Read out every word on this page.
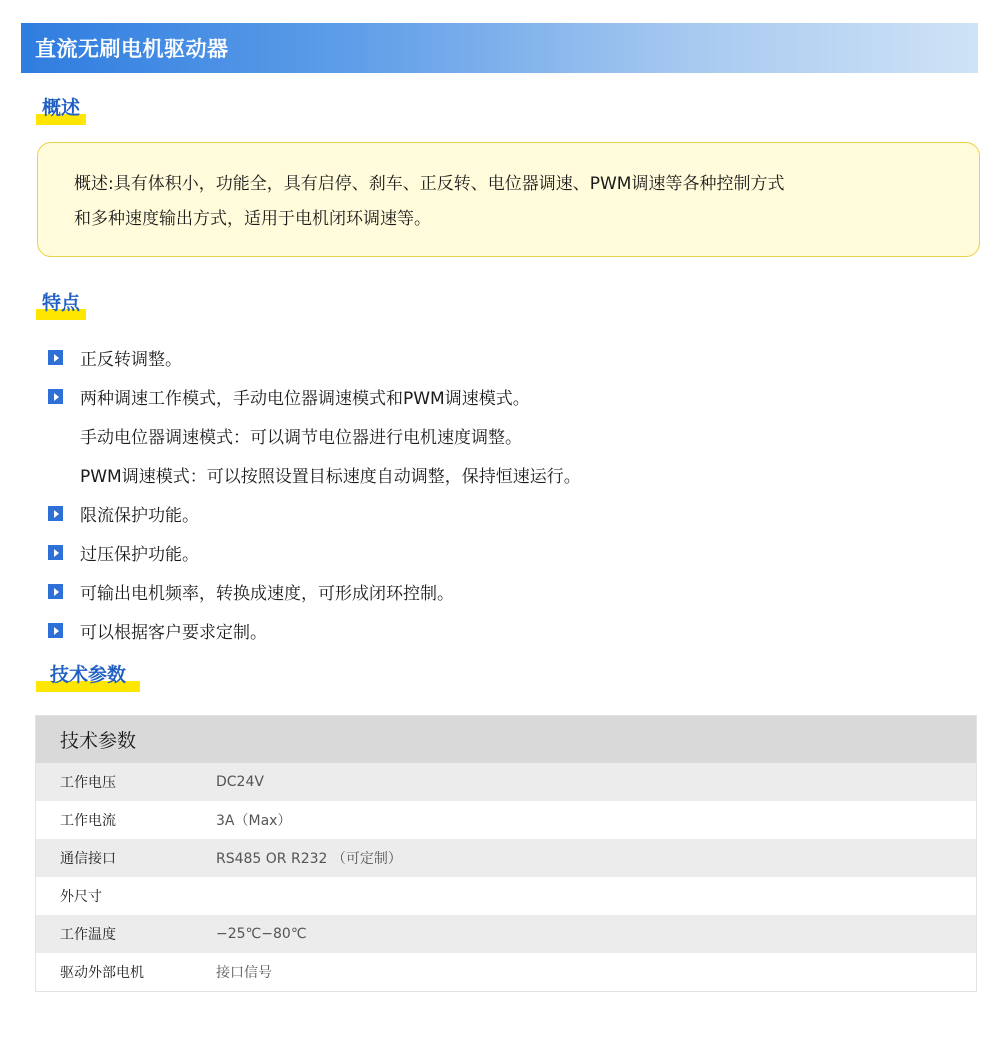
直流无刷电机驱动器
概述
概述:具有体积小，功能全，具有启停、刹车、正反转、电位器调速、PWM调速等各种控制方式
和多种速度输出方式，适用于电机闭环调速等。
特点
正反转调整。
两种调速工作模式，手动电位器调速模式和PWM调速模式。
手动电位器调速模式：可以调节电位器进行电机速度调整。
PWM调速模式：可以按照设置目标速度自动调整，保持恒速运行。
限流保护功能。
过压保护功能。
可输出电机频率，转换成速度，可形成闭环控制。
可以根据客户要求定制。
技术参数
技术参数
工作电压	DC24V
工作电流	3A（Max）
通信接口	RS485 OR R232 （可定制）
外尺寸
工作温度	−25℃−80℃
驱动外部电机	接口信号
